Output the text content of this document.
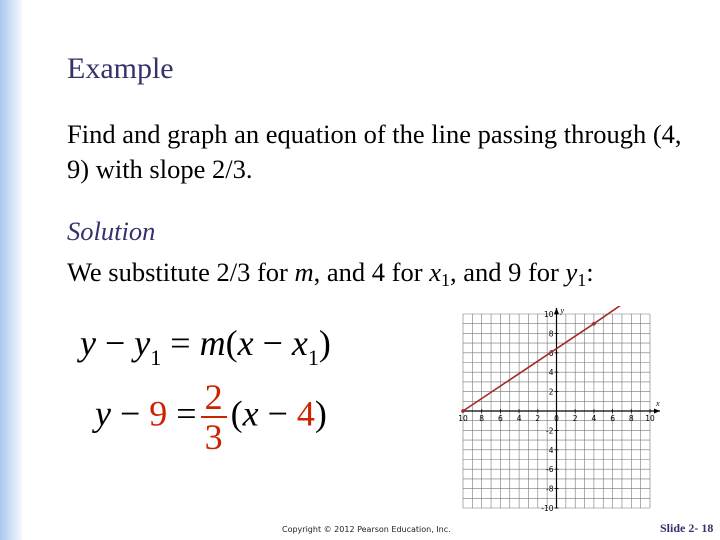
Example
Find and graph an equation of the line passing through (4, 9) with slope 2/3.
Solution
We substitute 2/3 for m, and 4 for $x_1$, and 9 for $y_1$:
$y - y_1 = m(x - x_1)$
$y - 9 = \frac{2}{3} (x - 4)$	x
y
10 8 6 4 2 0 2 4 6 8 10
10
8
6
4
2
-2
4
-6
-8
-10
Copyright © 2012 Pearson Education, Inc.	Slide 2- 18
